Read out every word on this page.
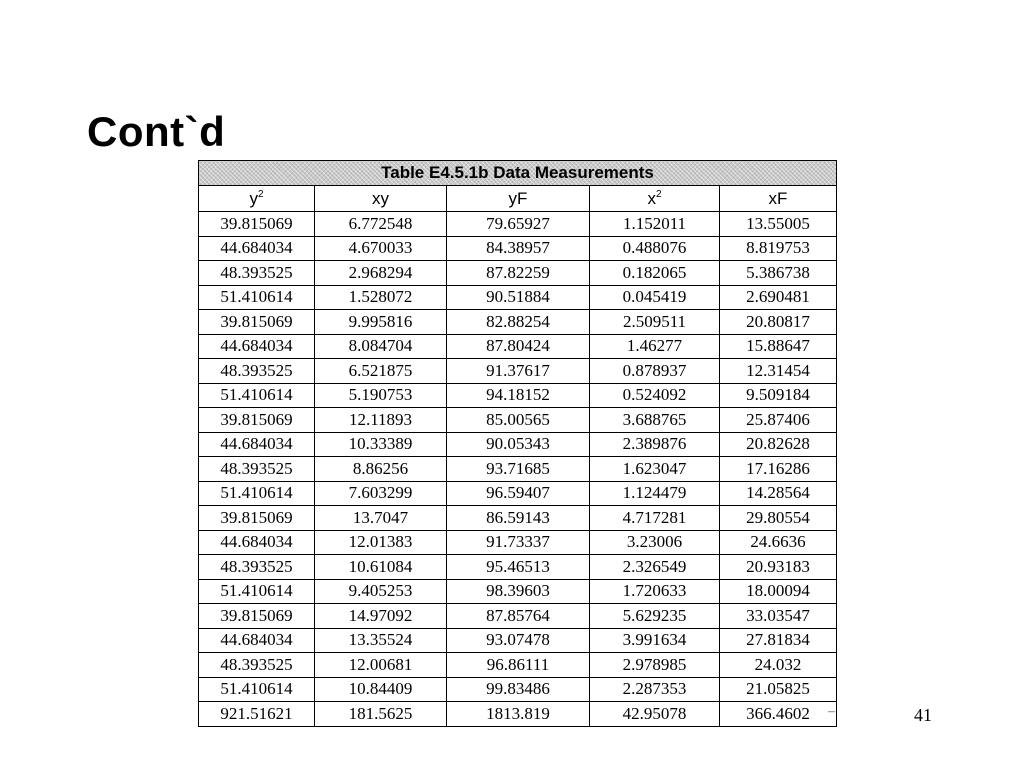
Cont`d
Table E4.5.1b Data Measurements				
$y^2$	xy	yF	$x^2$	xF
39.815069	6.772548	79.65927	1.152011	13.55005
44.684034	4.670033	84.38957	0.488076	8.819753
48.393525	2.968294	87.82259	0.182065	5.386738
51.410614	1.528072	90.51884	0.045419	2.690481
39.815069	9.995816	82.88254	2.509511	20.80817
44.684034	8.084704	87.80424	1.46277	15.88647
48.393525	6.521875	91.37617	0.878937	12.31454
51.410614	5.190753	94.18152	0.524092	9.509184
39.815069	12.11893	85.00565	3.688765	25.87406
44.684034	10.33389	90.05343	2.389876	20.82628
48.393525	8.86256	93.71685	1.623047	17.16286
51.410614	7.603299	96.59407	1.124479	14.28564
39.815069	13.7047	86.59143	4.717281	29.80554
44.684034	12.01383	91.73337	3.23006	24.6636
48.393525	10.61084	95.46513	2.326549	20.93183
51.410614	9.405253	98.39603	1.720633	18.00094
39.815069	14.97092	87.85764	5.629235	33.03547
44.684034	13.35524	93.07478	3.991634	27.81834
48.393525	12.00681	96.86111	2.978985	24.032
51.410614	10.84409	99.83486	2.287353	21.05825
921.51621	181.5625	1813.819	42.95078	366.4602 –	41
